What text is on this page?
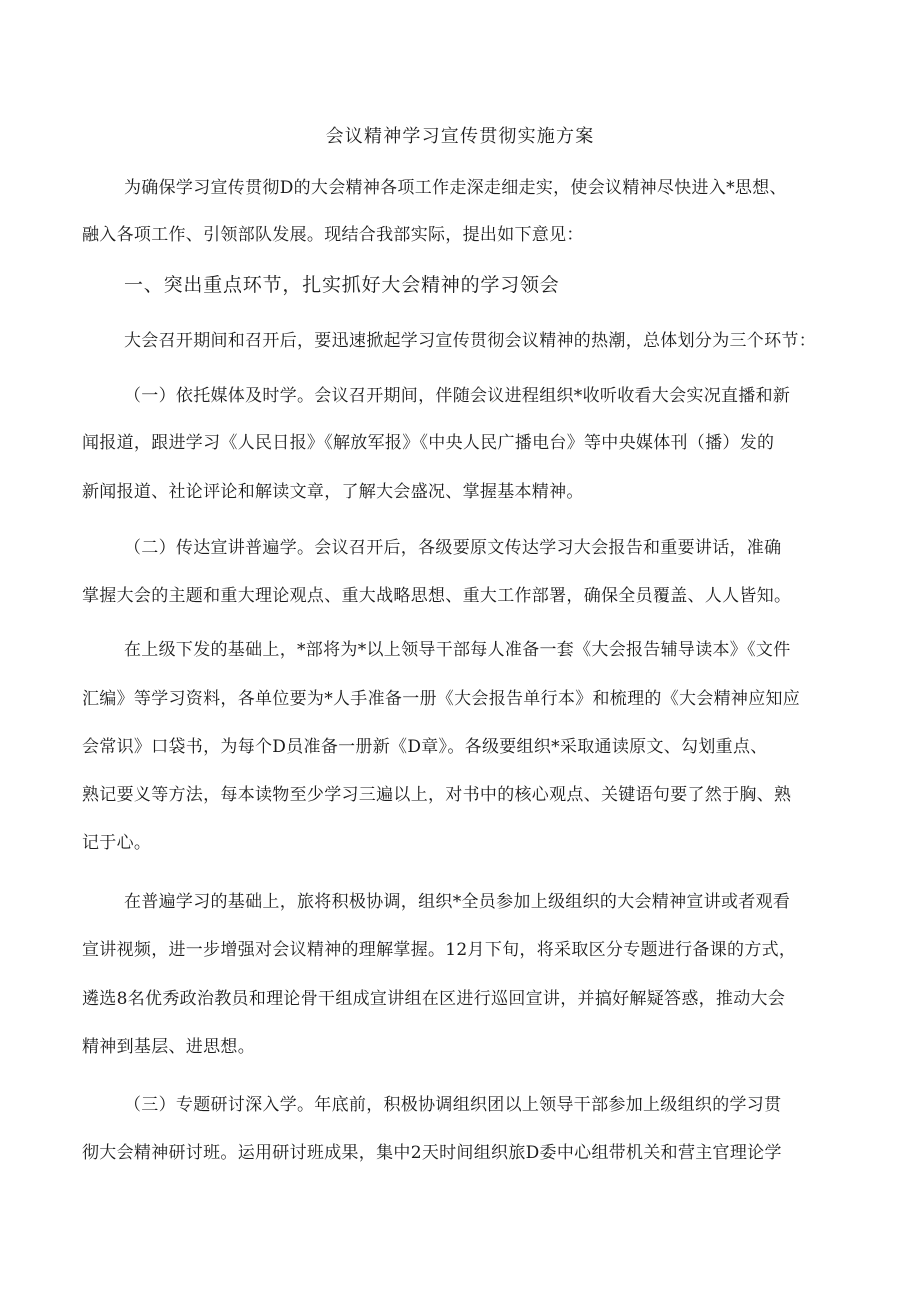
会议精神学习宣传贯彻实施方案
为确保学习宣传贯彻D的大会精神各项工作走深走细走实，使会议精神尽快进入*思想、
融入各项工作、引领部队发展。现结合我部实际，提出如下意见：
一、突出重点环节，扎实抓好大会精神的学习领会
大会召开期间和召开后，要迅速掀起学习宣传贯彻会议精神的热潮，总体划分为三个环节：
（一）依托媒体及时学。会议召开期间，伴随会议进程组织*收听收看大会实况直播和新
闻报道，跟进学习《人民日报》《解放军报》《中央人民广播电台》等中央媒体刊（播）发的
新闻报道、社论评论和解读文章，了解大会盛况、掌握基本精神。
（二）传达宣讲普遍学。会议召开后，各级要原文传达学习大会报告和重要讲话，准确
掌握大会的主题和重大理论观点、重大战略思想、重大工作部署，确保全员覆盖、人人皆知。
在上级下发的基础上，*部将为*以上领导干部每人准备一套《大会报告辅导读本》《文件
汇编》等学习资料，各单位要为*人手准备一册《大会报告单行本》和梳理的《大会精神应知应
会常识》口袋书，为每个D员准备一册新《D章》。各级要组织*采取通读原文、勾划重点、
熟记要义等方法，每本读物至少学习三遍以上，对书中的核心观点、关键语句要了然于胸、熟
记于心。
在普遍学习的基础上，旅将积极协调，组织*全员参加上级组织的大会精神宣讲或者观看
宣讲视频，进一步增强对会议精神的理解掌握。12月下旬，将采取区分专题进行备课的方式，
遴选8名优秀政治教员和理论骨干组成宣讲组在区进行巡回宣讲，并搞好解疑答惑，推动大会
精神到基层、进思想。
（三）专题研讨深入学。年底前，积极协调组织团以上领导干部参加上级组织的学习贯
彻大会精神研讨班。运用研讨班成果，集中2天时间组织旅D委中心组带机关和营主官理论学
